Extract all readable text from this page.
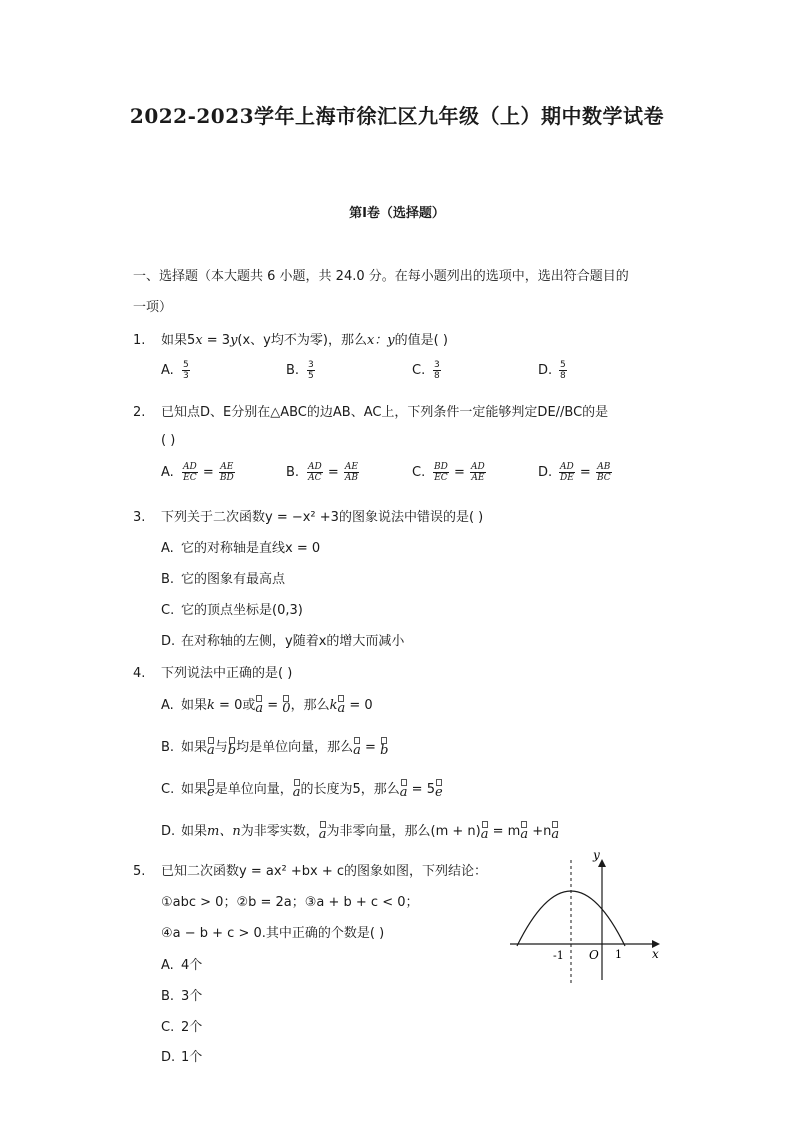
2022-2023学年上海市徐汇区九年级（上）期中数学试卷
第I卷（选择题）
一、选择题（本大题共 6 小题，共 24.0 分。在每小题列出的选项中，选出符合题目的
一项）
1. 如果5x = 3y(x、y均不为零)，那么x：y的值是( )
A. $\frac{5}{3}$	B. $\frac{3}{5}$	C. $\frac{3}{8}$	D. $\frac{5}{8}$
2. 已知点D、E分别在△ABC的边AB、AC上，下列条件一定能够判定DE//BC的是
( )
A. $\frac{AD}{EC} = \frac{AE}{BD}$	B. $\frac{AD}{AC} = \frac{AE}{AB}$	C. $\frac{BD}{EC} = \frac{AD}{AE}$	D. $\frac{AD}{DE} = \frac{AB}{BC}$
3. 下列关于二次函数y = −x² +3的图象说法中错误的是( )
A. 它的对称轴是直线x = 0
B. 它的图象有最高点
C. 它的顶点坐标是(0,3)
D. 在对称轴的左侧，y随着x的增大而减小
4. 下列说法中正确的是( )
A. 如果k = 0或a = 0，那么ka = 0
B. 如果a与b均是单位向量，那么a = b
C. 如果e是单位向量，a的长度为5，那么a = 5e
D. 如果m、n为非零实数，a为非零向量，那么(m + n)a = ma +na
5. 已知二次函数y = ax² +bx + c的图象如图，下列结论：
①abc > 0；②b = 2a；③a + b + c < 0；
④a − b + c > 0.其中正确的个数是( )
A. 4个
B. 3个
C. 2个
D. 1个
y
x
O
-1	1
